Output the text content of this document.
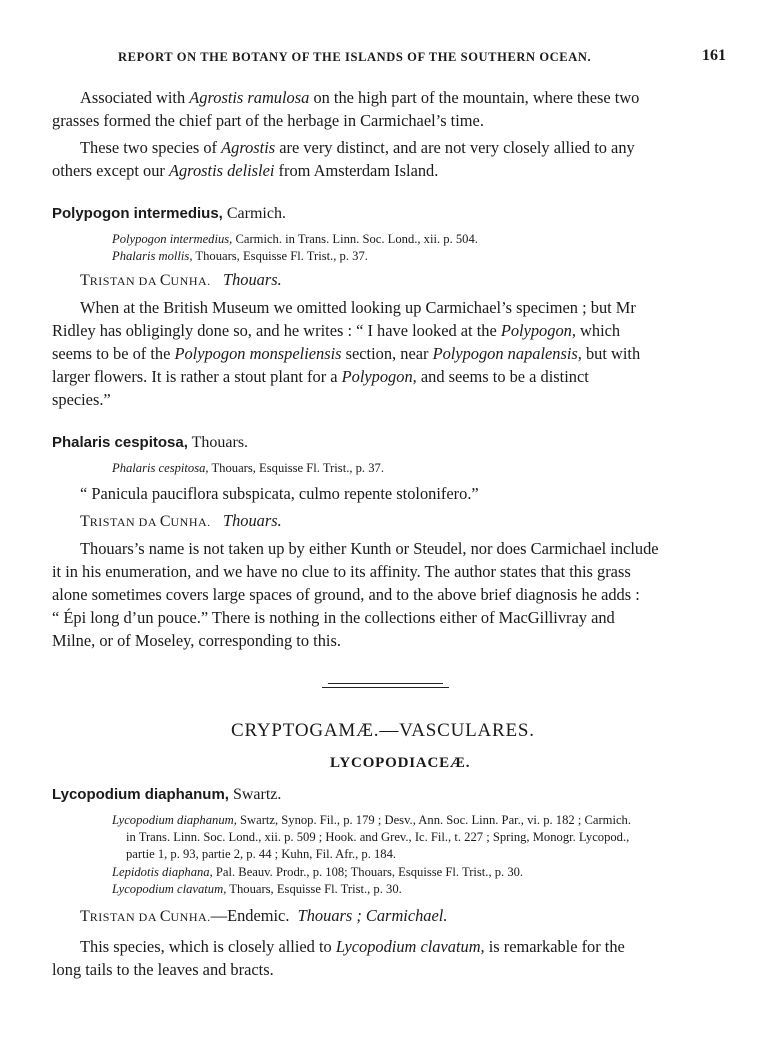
REPORT ON THE BOTANY OF THE ISLANDS OF THE SOUTHERN OCEAN.	161
Associated with Agrostis ramulosa on the high part of the mountain, where these two
grasses formed the chief part of the herbage in Carmichael’s time.
These two species of Agrostis are very distinct, and are not very closely allied to any
others except our Agrostis delislei from Amsterdam Island.
Polypogon intermedius, Carmich.
Polypogon intermedius, Carmich. in Trans. Linn. Soc. Lond., xii. p. 504.
Phalaris mollis, Thouars, Esquisse Fl. Trist., p. 37.
TRISTAN DA CUNHA. Thouars.
When at the British Museum we omitted looking up Carmichael’s specimen ; but Mr
Ridley has obligingly done so, and he writes : “ I have looked at the Polypogon, which
seems to be of the Polypogon monspeliensis section, near Polypogon napalensis, but with
larger flowers. It is rather a stout plant for a Polypogon, and seems to be a distinct
species.”
Phalaris cespitosa, Thouars.
Phalaris cespitosa, Thouars, Esquisse Fl. Trist., p. 37.
“ Panicula pauciflora subspicata, culmo repente stolonifero.”
TRISTAN DA CUNHA. Thouars.
Thouars’s name is not taken up by either Kunth or Steudel, nor does Carmichael include
it in his enumeration, and we have no clue to its affinity. The author states that this grass
alone sometimes covers large spaces of ground, and to the above brief diagnosis he adds :
“ Épi long d’un pouce.” There is nothing in the collections either of MacGillivray and
Milne, or of Moseley, corresponding to this.
CRYPTOGAMÆ.—VASCULARES.
LYCOPODIACEÆ.
Lycopodium diaphanum, Swartz.
Lycopodium diaphanum, Swartz, Synop. Fil., p. 179 ; Desv., Ann. Soc. Linn. Par., vi. p. 182 ; Carmich.
in Trans. Linn. Soc. Lond., xii. p. 509 ; Hook. and Grev., Ic. Fil., t. 227 ; Spring, Monogr. Lycopod.,
partie 1, p. 93, partie 2, p. 44 ; Kuhn, Fil. Afr., p. 184.
Lepidotis diaphana, Pal. Beauv. Prodr., p. 108; Thouars, Esquisse Fl. Trist., p. 30.
Lycopodium clavatum, Thouars, Esquisse Fl. Trist., p. 30.
TRISTAN DA CUNHA.—Endemic. Thouars ; Carmichael.
This species, which is closely allied to Lycopodium clavatum, is remarkable for the
long tails to the leaves and bracts.
